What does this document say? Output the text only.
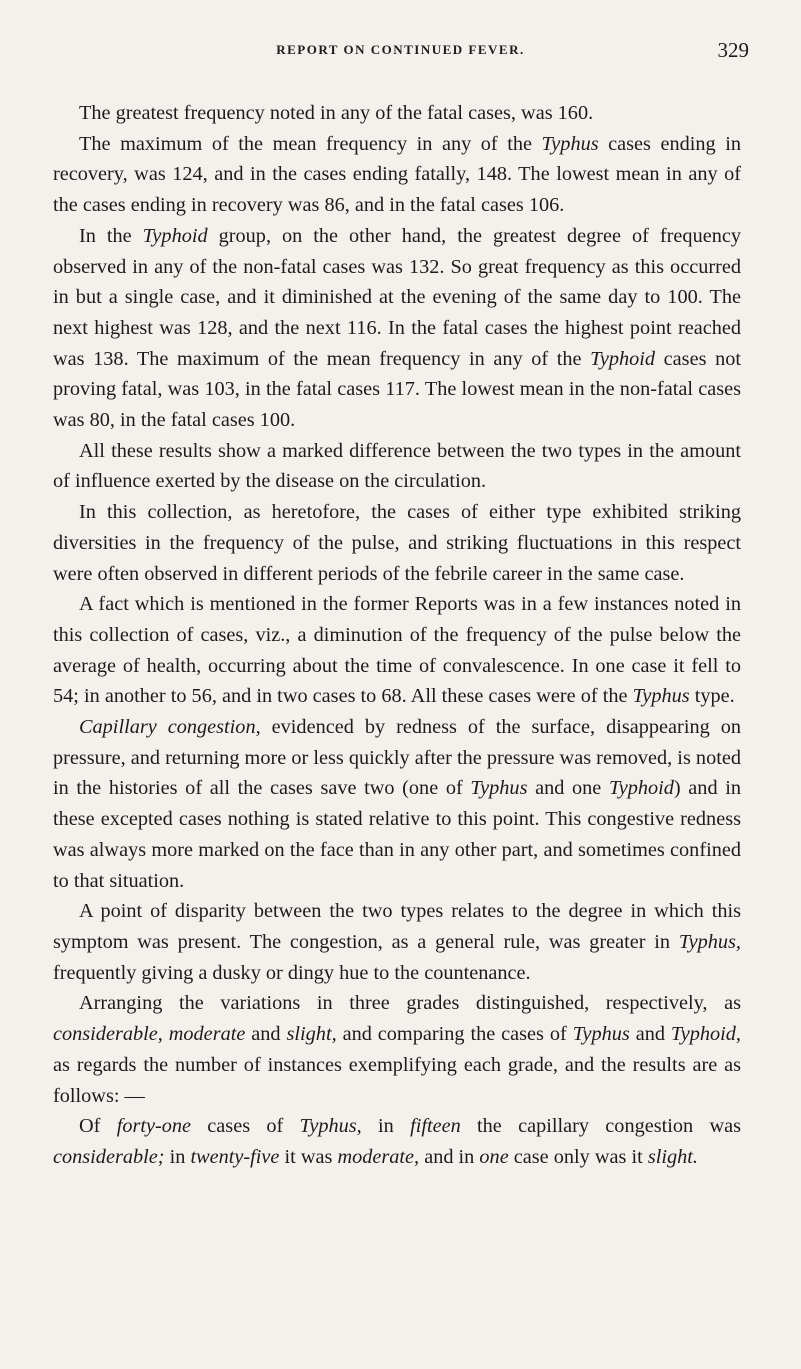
REPORT ON CONTINUED FEVER.	329

The greatest frequency noted in any of the fatal cases, was 160.

The maximum of the mean frequency in any of the Typhus cases ending in recovery, was 124, and in the cases ending fatally, 148. The lowest mean in any of the cases ending in recovery was 86, and in the fatal cases 106.

In the Typhoid group, on the other hand, the greatest degree of frequency observed in any of the non-fatal cases was 132. So great frequency as this occurred in but a single case, and it diminished at the evening of the same day to 100. The next highest was 128, and the next 116. In the fatal cases the highest point reached was 138. The maximum of the mean frequency in any of the Typhoid cases not proving fatal, was 103, in the fatal cases 117. The lowest mean in the non-fatal cases was 80, in the fatal cases 100.

All these results show a marked difference between the two types in the amount of influence exerted by the disease on the circulation.

In this collection, as heretofore, the cases of either type exhibited striking diversities in the frequency of the pulse, and striking fluctuations in this respect were often observed in different periods of the febrile career in the same case.

A fact which is mentioned in the former Reports was in a few instances noted in this collection of cases, viz., a diminution of the frequency of the pulse below the average of health, occurring about the time of convalescence. In one case it fell to 54; in another to 56, and in two cases to 68. All these cases were of the Typhus type.

Capillary congestion, evidenced by redness of the surface, disappearing on pressure, and returning more or less quickly after the pressure was removed, is noted in the histories of all the cases save two (one of Typhus and one Typhoid) and in these excepted cases nothing is stated relative to this point. This congestive redness was always more marked on the face than in any other part, and sometimes confined to that situation.

A point of disparity between the two types relates to the degree in which this symptom was present. The congestion, as a general rule, was greater in Typhus, frequently giving a dusky or dingy hue to the countenance.

Arranging the variations in three grades distinguished, respectively, as considerable, moderate and slight, and comparing the cases of Typhus and Typhoid, as regards the number of instances exemplifying each grade, and the results are as follows: —

Of forty-one cases of Typhus, in fifteen the capillary congestion was considerable; in twenty-five it was moderate, and in one case only was it slight.
